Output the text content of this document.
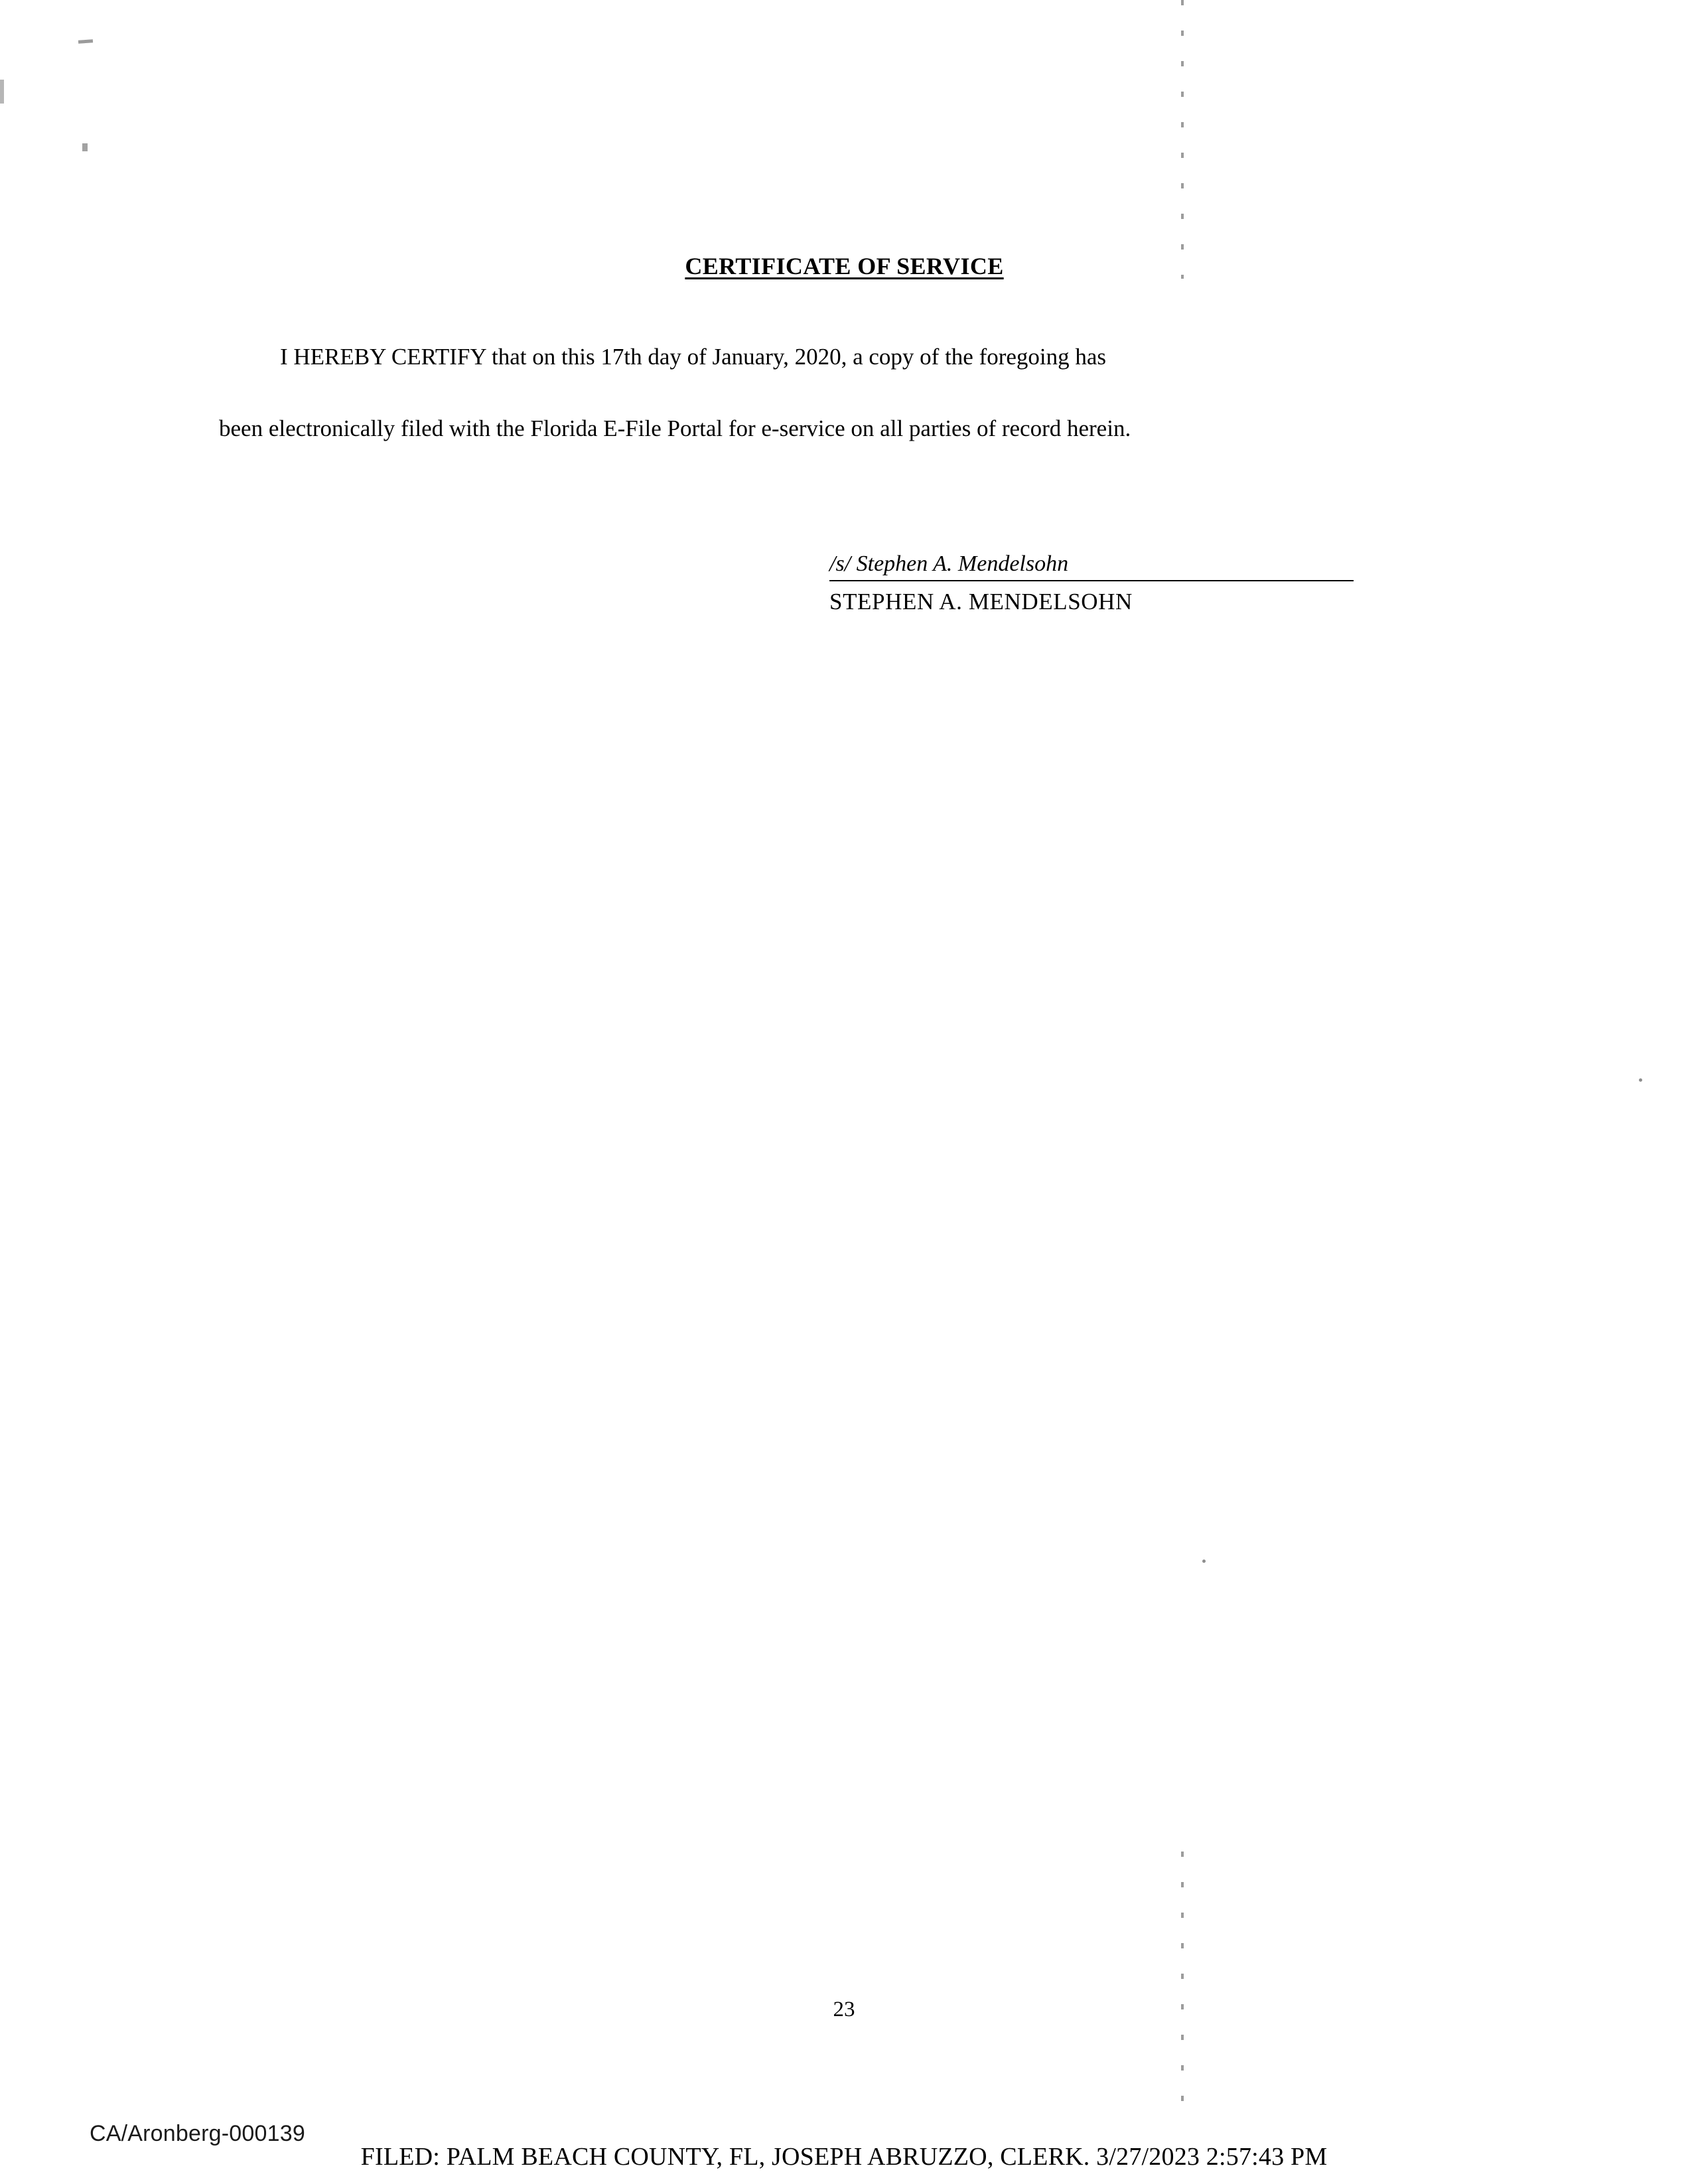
CERTIFICATE OF SERVICE

I HEREBY CERTIFY that on this 17th day of January, 2020, a copy of the foregoing has
been electronically filed with the Florida E-File Portal for e-service on all parties of record herein.

/s/ Stephen A. Mendelsohn
STEPHEN A. MENDELSOHN
23
CA/Aronberg-000139
FILED: PALM BEACH COUNTY, FL, JOSEPH ABRUZZO, CLERK. 3/27/2023 2:57:43 PM
